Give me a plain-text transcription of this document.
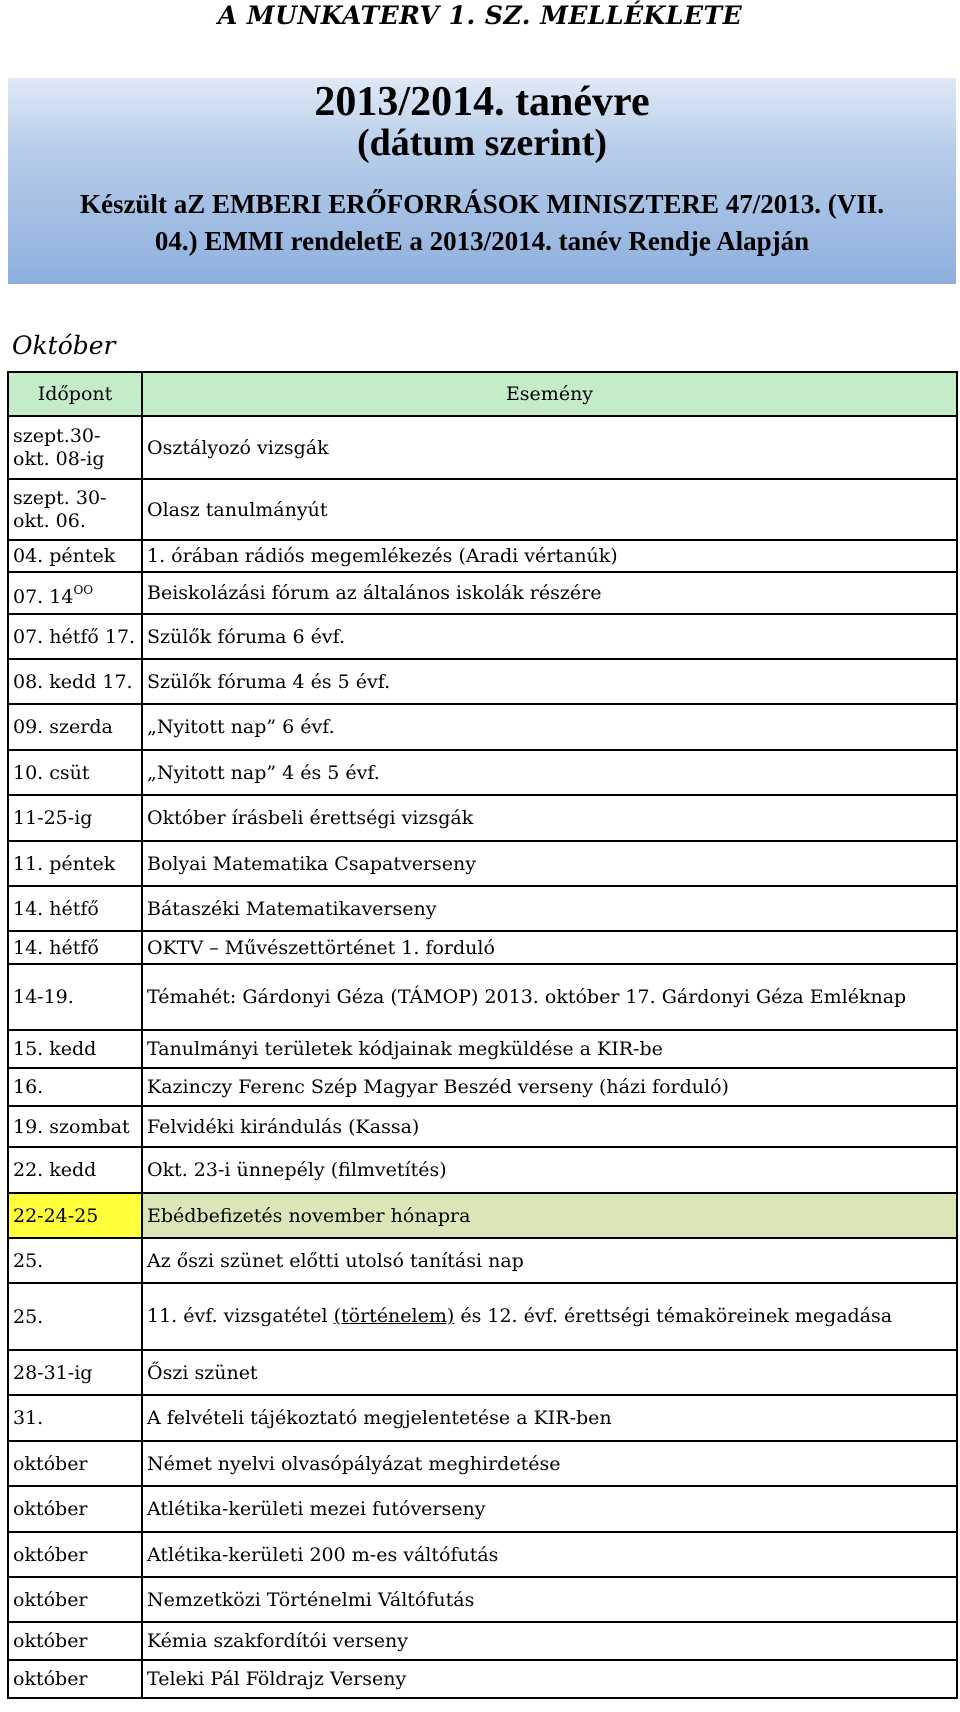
A MUNKATERV 1. SZ. MELLÉKLETE
2013/2014. tanévre
(dátum szerint)
Készült aZ EMBERI ERŐFORRÁSOK MINISZTERE 47/2013. (VII.
04.) EMMI rendeletE a 2013/2014. tanév Rendje Alapján
Október
Időpont	Esemény
szept.30- okt. 08-ig	Osztályozó vizsgák
szept. 30- okt. 06.	Olasz tanulmányút
04. péntek	1. órában rádiós megemlékezés (Aradi vértanúk)
07. $14^{OO}$	Beiskolázási fórum az általános iskolák részére
07. hétfő 17.	Szülők fóruma 6 évf.
08. kedd 17.	Szülők fóruma 4 és 5 évf.
09. szerda	„Nyitott nap” 6 évf.
10. csüt	„Nyitott nap” 4 és 5 évf.
11-25-ig	Október írásbeli érettségi vizsgák
11. péntek	Bolyai Matematika Csapatverseny
14. hétfő	Bátaszéki Matematikaverseny
14. hétfő	OKTV – Művészettörténet 1. forduló
14-19.	Témahét: Gárdonyi Géza (TÁMOP) 2013. október 17. Gárdonyi Géza Emléknap
15. kedd	Tanulmányi területek kódjainak megküldése a KIR-be
16.	Kazinczy Ferenc Szép Magyar Beszéd verseny (házi forduló)
19. szombat	Felvidéki kirándulás (Kassa)
22. kedd	Okt. 23-i ünnepély (filmvetítés)
22-24-25	Ebédbefizetés november hónapra
25.	Az őszi szünet előtti utolsó tanítási nap
25.	11. évf. vizsgatétel (történelem) és 12. évf. érettségi témaköreinek megadása
28-31-ig	Őszi szünet
31.	A felvételi tájékoztató megjelentetése a KIR-ben
október	Német nyelvi olvasópályázat meghirdetése
október	Atlétika-kerületi mezei futóverseny
október	Atlétika-kerületi 200 m-es váltófutás
október	Nemzetközi Történelmi Váltófutás
október	Kémia szakfordítói verseny
október	Teleki Pál Földrajz Verseny
